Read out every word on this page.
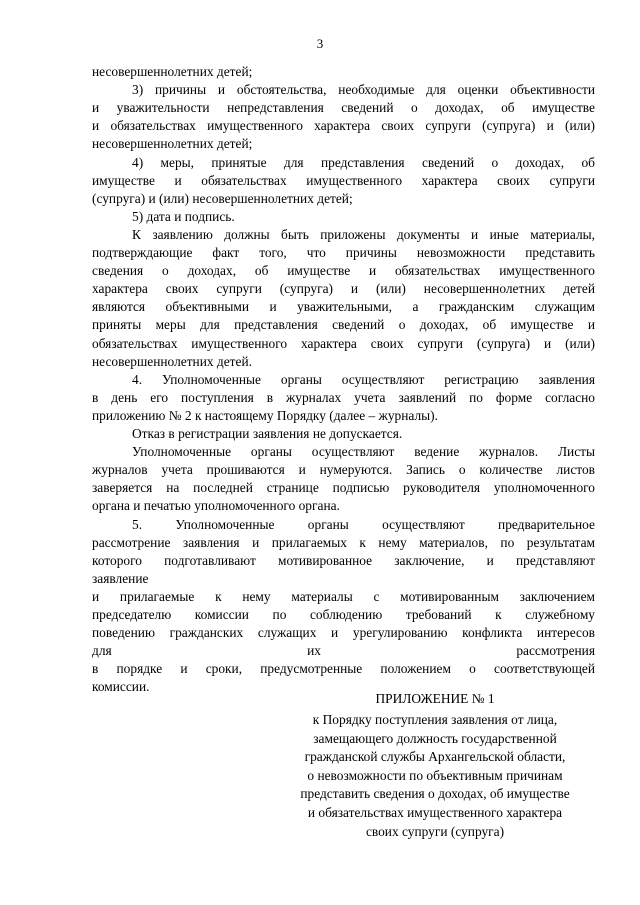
3
несовершеннолетних детей;
3) причины и обстоятельства, необходимые для оценки объективности
и уважительности непредставления сведений о доходах, об имуществе
и обязательствах имущественного характера своих супруги (супруга) и (или)
несовершеннолетних детей;
4) меры, принятые для представления сведений о доходах, об
имуществе и обязательствах имущественного характера своих супруги
(супруга) и (или) несовершеннолетних детей;
5) дата и подпись.
К заявлению должны быть приложены документы и иные материалы,
подтверждающие факт того, что причины невозможности представить
сведения о доходах, об имуществе и обязательствах имущественного
характера своих супруги (супруга) и (или) несовершеннолетних детей
являются объективными и уважительными, а гражданским служащим
приняты меры для представления сведений о доходах, об имуществе и
обязательствах имущественного характера своих супруги (супруга) и (или)
несовершеннолетних детей.
4. Уполномоченные органы осуществляют регистрацию заявления
в день его поступления в журналах учета заявлений по форме согласно
приложению № 2 к настоящему Порядку (далее – журналы).
Отказ в регистрации заявления не допускается.
Уполномоченные органы осуществляют ведение журналов. Листы
журналов учета прошиваются и нумеруются. Запись о количестве листов
заверяется на последней странице подписью руководителя уполномоченного
органа и печатью уполномоченного органа.
5. Уполномоченные органы осуществляют предварительное
рассмотрение заявления и прилагаемых к нему материалов, по результатам
которого подготавливают мотивированное заключение, и представляют
заявление
и прилагаемые к нему материалы с мотивированным заключением
председателю комиссии по соблюдению требований к служебному
поведению гражданских служащих и урегулированию конфликта интересов
для их рассмотрения
в порядке и сроки, предусмотренные положением о соответствующей
комиссии.
ПРИЛОЖЕНИЕ № 1
к Порядку поступления заявления от лица,
замещающего должность государственной
гражданской службы Архангельской области,
о невозможности по объективным причинам
представить сведения о доходах, об имуществе
и обязательствах имущественного характера
своих супруги (супруга)
